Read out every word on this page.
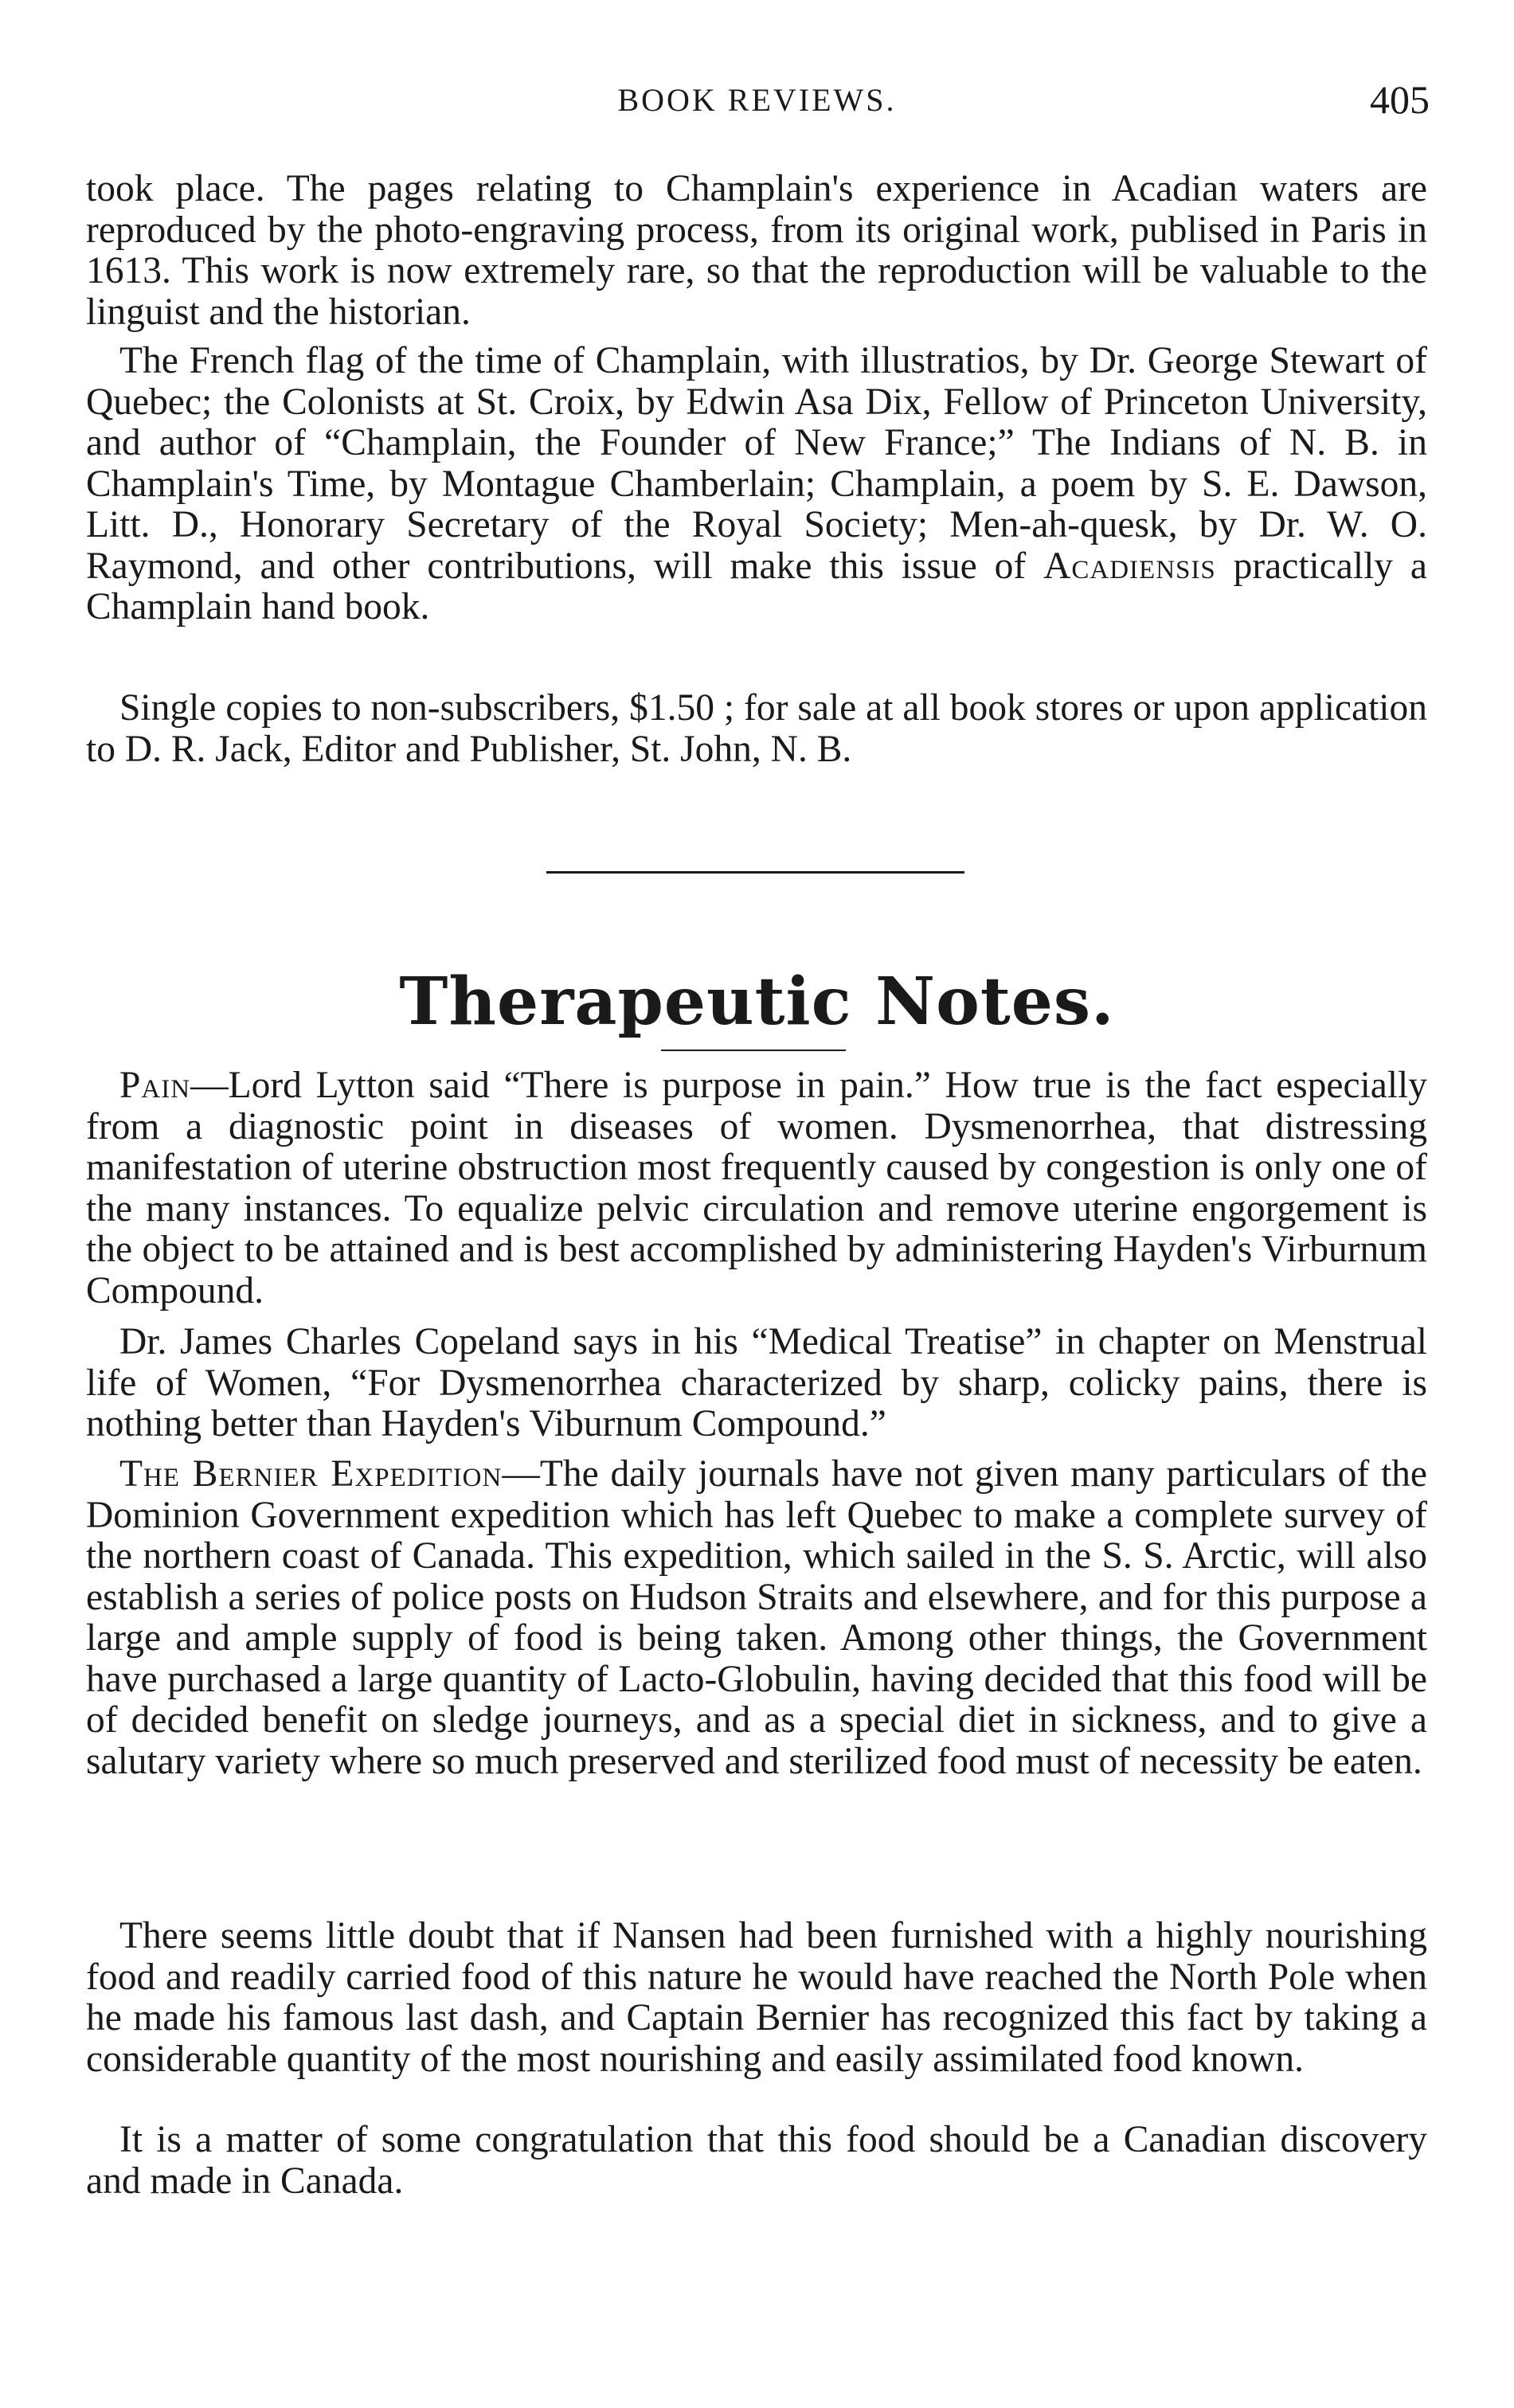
BOOK REVIEWS.	405

took place. The pages relating to Champlain's experience in Acadian waters are reproduced by the photo-engraving process, from its original work, publised in Paris in 1613. This work is now extremely rare, so that the reproduction will be valuable to the linguist and the historian.

The French flag of the time of Champlain, with illustratios, by Dr. George Stewart of Quebec; the Colonists at St. Croix, by Edwin Asa Dix, Fellow of Princeton University, and author of “Champlain, the Founder of New France;” The Indians of N. B. in Champlain's Time, by Montague Chamberlain; Champlain, a poem by S. E. Dawson, Litt. D., Honorary Secretary of the Royal Society; Men-ah-quesk, by Dr. W. O. Raymond, and other contributions, will make this issue of Acadiensis practically a Champlain hand book.

Single copies to non-subscribers, $1.50 ; for sale at all book stores or upon application to D. R. Jack, Editor and Publisher, St. John, N. B.

Therapeutic Notes.

Pain—Lord Lytton said “There is purpose in pain.” How true is the fact especially from a diagnostic point in diseases of women. Dysmenorrhea, that distressing manifestation of uterine obstruction most frequently caused by congestion is only one of the many instances. To equalize pelvic circulation and remove uterine engorgement is the object to be attained and is best accomplished by administering Hayden's Virburnum Compound.

Dr. James Charles Copeland says in his “Medical Treatise” in chapter on Menstrual life of Women, “For Dysmenorrhea characterized by sharp, colicky pains, there is nothing better than Hayden's Viburnum Compound.”

The Bernier Expedition—The daily journals have not given many particulars of the Dominion Government expedition which has left Quebec to make a complete survey of the northern coast of Canada. This expedition, which sailed in the S. S. Arctic, will also establish a series of police posts on Hudson Straits and elsewhere, and for this purpose a large and ample supply of food is being taken. Among other things, the Government have purchased a large quantity of Lacto-Globulin, having decided that this food will be of decided benefit on sledge journeys, and as a special diet in sickness, and to give a salutary variety where so much preserved and sterilized food must of necessity be eaten.

There seems little doubt that if Nansen had been furnished with a highly nourishing food and readily carried food of this nature he would have reached the North Pole when he made his famous last dash, and Captain Bernier has recognized this fact by taking a considerable quantity of the most nourishing and easily assimilated food known.

It is a matter of some congratulation that this food should be a Canadian discovery and made in Canada.
